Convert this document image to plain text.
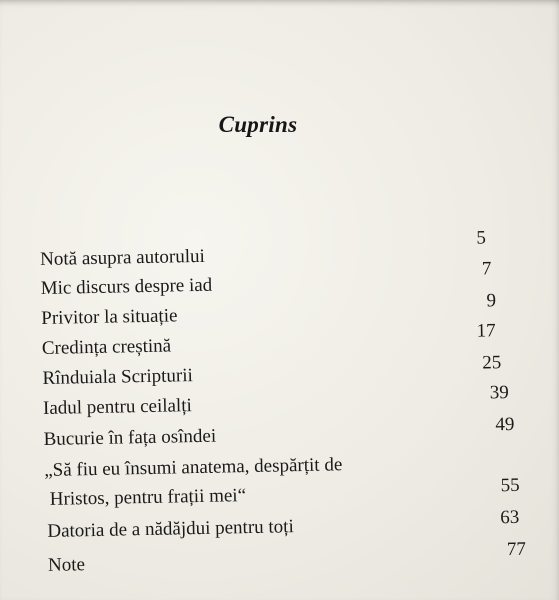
Cuprins
Notă asupra autorului
5
Mic discurs despre iad
7
Privitor la situație
9
Credința creștină
17
Rînduiala Scripturii
25
Iadul pentru ceilalți
39
Bucurie în fața osîndei
49
„Să fiu eu însumi anatema, despărțit de
Hristos, pentru frații mei“	55
Datoria de a nădăjdui pentru toți	63
Note
77
